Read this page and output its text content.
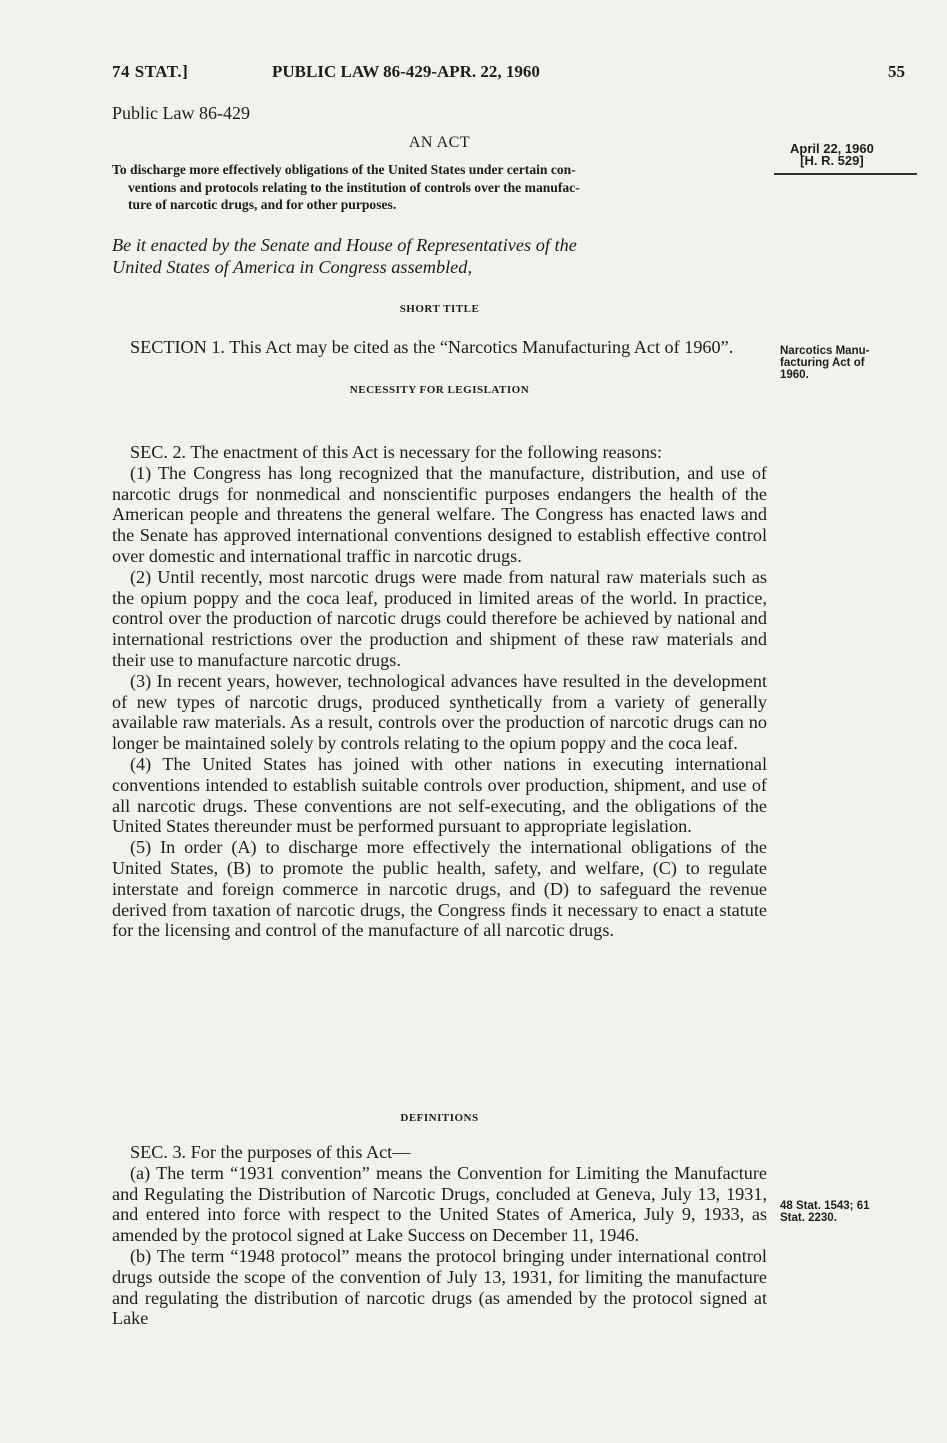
74 STAT.]	PUBLIC LAW 86-429-APR. 22, 1960	55
Public Law 86-429
AN ACT	April 22, 1960
[H. R. 529]

To discharge more effectively obligations of the United States under certain con-

ventions and protocols relating to the institution of controls over the manufac-
ture of narcotic drugs, and for other purposes.
Be it enacted by the Senate and House of Representatives of the
United States of America in Congress assembled,
SHORT TITLE

SECTION 1. This Act may be cited as the “Narcotics Manufacturing Act of 1960”.	Narcotics Manu-
facturing Act of
1960.
NECESSITY FOR LEGISLATION

SEC. 2. The enactment of this Act is necessary for the following reasons:

(1) The Congress has long recognized that the manufacture, distribution, and use of narcotic drugs for nonmedical and nonscientific purposes endangers the health of the American people and threatens the general welfare. The Congress has enacted laws and the Senate has approved international conventions designed to establish effective control over domestic and international traffic in narcotic drugs.

(2) Until recently, most narcotic drugs were made from natural raw materials such as the opium poppy and the coca leaf, produced in limited areas of the world. In practice, control over the production of narcotic drugs could therefore be achieved by national and international restrictions over the production and shipment of these raw materials and their use to manufacture narcotic drugs.

(3) In recent years, however, technological advances have resulted in the development of new types of narcotic drugs, produced synthetically from a variety of generally available raw materials. As a result, controls over the production of narcotic drugs can no longer be maintained solely by controls relating to the opium poppy and the coca leaf.

(4) The United States has joined with other nations in executing international conventions intended to establish suitable controls over production, shipment, and use of all narcotic drugs. These conventions are not self-executing, and the obligations of the United States thereunder must be performed pursuant to appropriate legislation.

(5) In order (A) to discharge more effectively the international obligations of the United States, (B) to promote the public health, safety, and welfare, (C) to regulate interstate and foreign commerce in narcotic drugs, and (D) to safeguard the revenue derived from taxation of narcotic drugs, the Congress finds it necessary to enact a statute for the licensing and control of the manufacture of all narcotic drugs.

DEFINITIONS

SEC. 3. For the purposes of this Act—

(a) The term “1931 convention” means the Convention for Limiting the Manufacture and Regulating the Distribution of Narcotic Drugs, concluded at Geneva, July 13, 1931, and entered into force with respect to the United States of America, July 9, 1933, as amended by the protocol signed at Lake Success on December 11, 1946.

(b) The term “1948 protocol” means the protocol bringing under international control drugs outside the scope of the convention of July 13, 1931, for limiting the manufacture and regulating the distribution of narcotic drugs (as amended by the protocol signed at Lake

48 Stat. 1543; 61
Stat. 2230.
